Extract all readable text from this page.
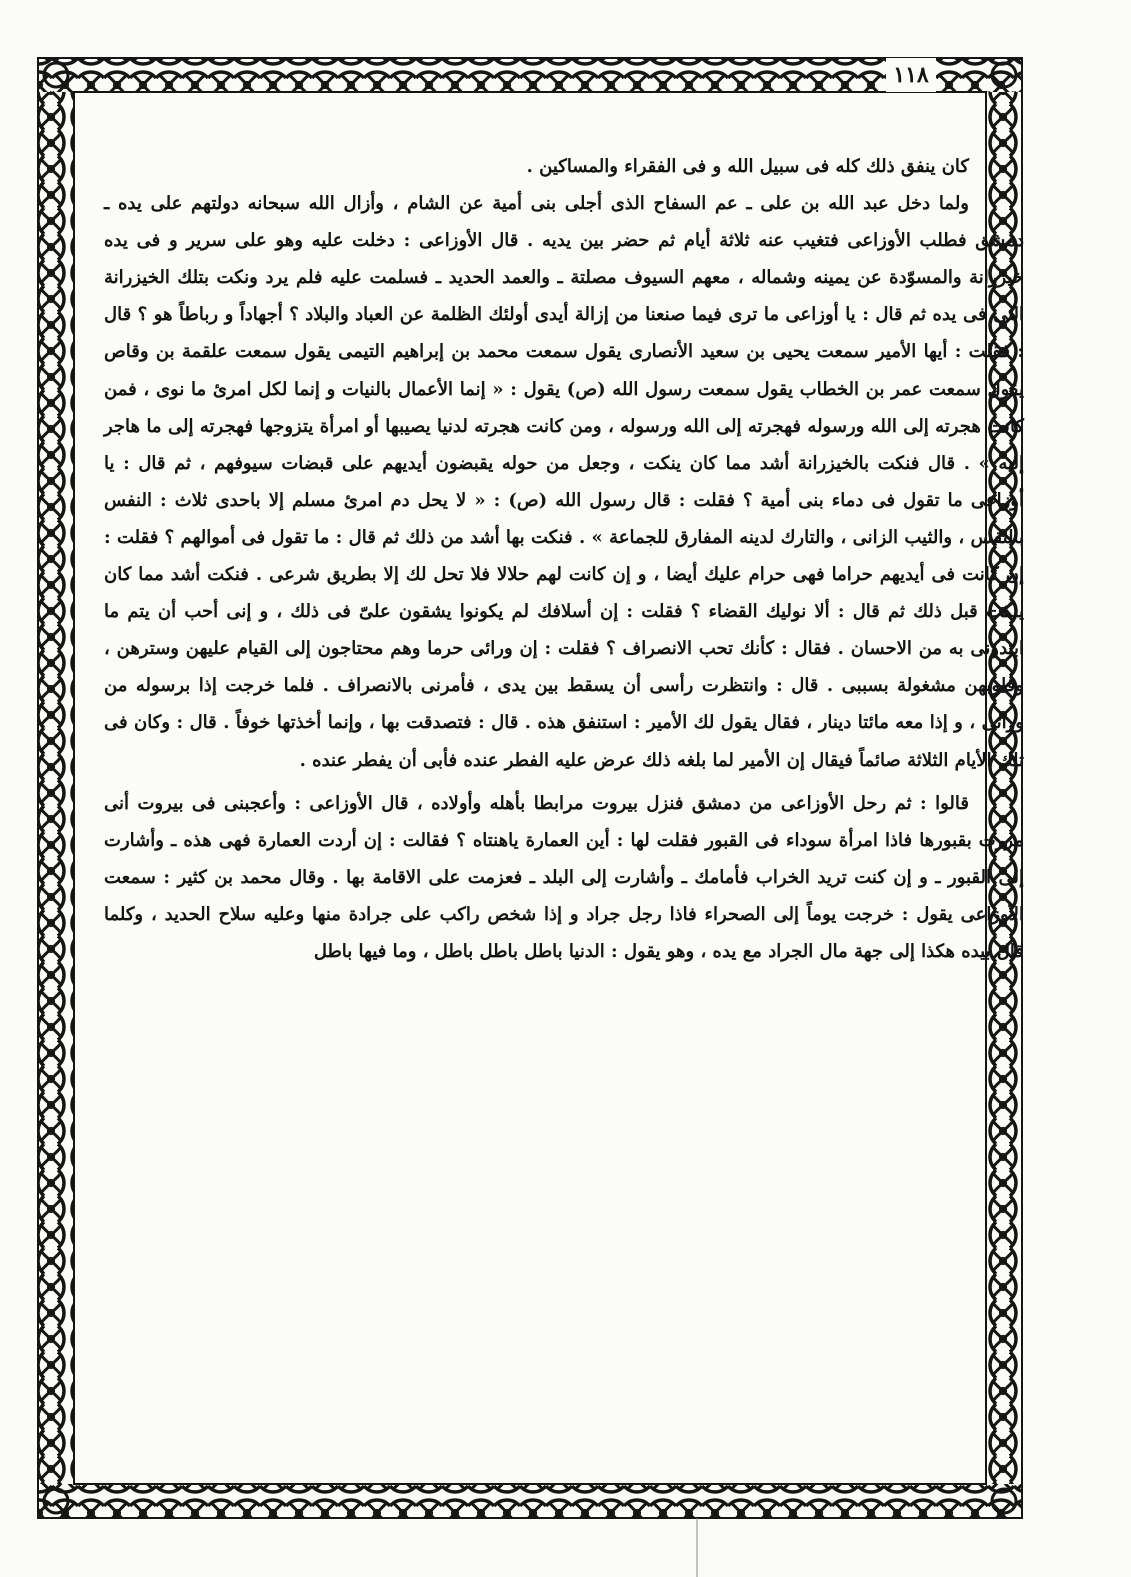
١١٨

كان ينفق ذلك كله فى سبيل الله و فى الفقراء والمساكين .

ولما دخل عبد الله بن على ـ عم السفاح الذى أجلى بنى أمية عن الشام ، وأزال الله سبحانه دولتهم على يده ـ دمشق فطلب الأوزاعى فتغيب عنه ثلاثة أيام ثم حضر بين يديه . قال الأوزاعى : دخلت عليه وهو على سرير و فى يده خيزرانة والمسوّدة عن يمينه وشماله ، معهم السيوف مصلتة ـ والعمد الحديد ـ فسلمت عليه فلم يرد ونكت بتلك الخيزرانة التى فى يده ثم قال : يا أوزاعى ما ترى فيما صنعنا من إزالة أيدى أولئك الظلمة عن العباد والبلاد ؟ أجهاداً و رباطاً هو ؟ قال : فقلت : أيها الأمير سمعت يحيى بن سعيد الأنصارى يقول سمعت محمد بن إبراهيم التيمى يقول سمعت علقمة بن وقاص يقول سمعت عمر بن الخطاب يقول سمعت رسول الله (ص) يقول : « إنما الأعمال بالنيات و إنما لكل امرئ ما نوى ، فمن كانت هجرته إلى الله ورسوله فهجرته إلى الله ورسوله ، ومن كانت هجرته لدنيا يصيبها أو امرأة يتزوجها فهجرته إلى ما هاجر إليه » . قال فنكت بالخيزرانة أشد مما كان ينكت ، وجعل من حوله يقبضون أيديهم على قبضات سيوفهم ، ثم قال : يا أوزاعى ما تقول فى دماء بنى أمية ؟ فقلت : قال رسول الله (ص) : « لا يحل دم امرئ مسلم إلا باحدى ثلاث : النفس بالنفس ، والثيب الزانى ، والتارك لدينه المفارق للجماعة » . فنكت بها أشد من ذلك ثم قال : ما تقول فى أموالهم ؟ فقلت : إن كانت فى أيديهم حراما فهى حرام عليك أيضا ، و إن كانت لهم حلالا فلا تحل لك إلا بطريق شرعى . فنكت أشد مما كان ينكت قبل ذلك ثم قال : ألا نوليك القضاء ؟ فقلت : إن أسلافك لم يكونوا يشقون علىّ فى ذلك ، و إنى أحب أن يتم ما ابتدؤنى به من الاحسان . فقال : كأنك تحب الانصراف ؟ فقلت : إن ورائى حرما وهم محتاجون إلى القيام عليهن وسترهن ، وقلوبهن مشغولة بسببى . قال : وانتظرت رأسى أن يسقط بين يدى ، فأمرنى بالانصراف . فلما خرجت إذا برسوله من ورائى ، و إذا معه مائتا دينار ، فقال يقول لك الأمير : استنفق هذه . قال : فتصدقت بها ، وإنما أخذتها خوفاً . قال : وكان فى تلك الأيام الثلاثة صائماً فيقال إن الأمير لما بلغه ذلك عرض عليه الفطر عنده فأبى أن يفطر عنده .

قالوا : ثم رحل الأوزاعى من دمشق فنزل بيروت مرابطا بأهله وأولاده ، قال الأوزاعى : وأعجبنى فى بيروت أنى مررت بقبورها فاذا امرأة سوداء فى القبور فقلت لها : أين العمارة ياهنتاه ؟ فقالت : إن أردت العمارة فهى هذه ـ وأشارت إلى القبور ـ و إن كنت تريد الخراب فأمامك ـ وأشارت إلى البلد ـ فعزمت على الاقامة بها . وقال محمد بن كثير : سمعت الأوزاعى يقول : خرجت يوماً إلى الصحراء فاذا رجل جراد و إذا شخص راكب على جرادة منها وعليه سلاح الحديد ، وكلما قال بيده هكذا إلى جهة مال الجراد مع يده ، وهو يقول : الدنيا باطل باطل باطل ، وما فيها باطل
